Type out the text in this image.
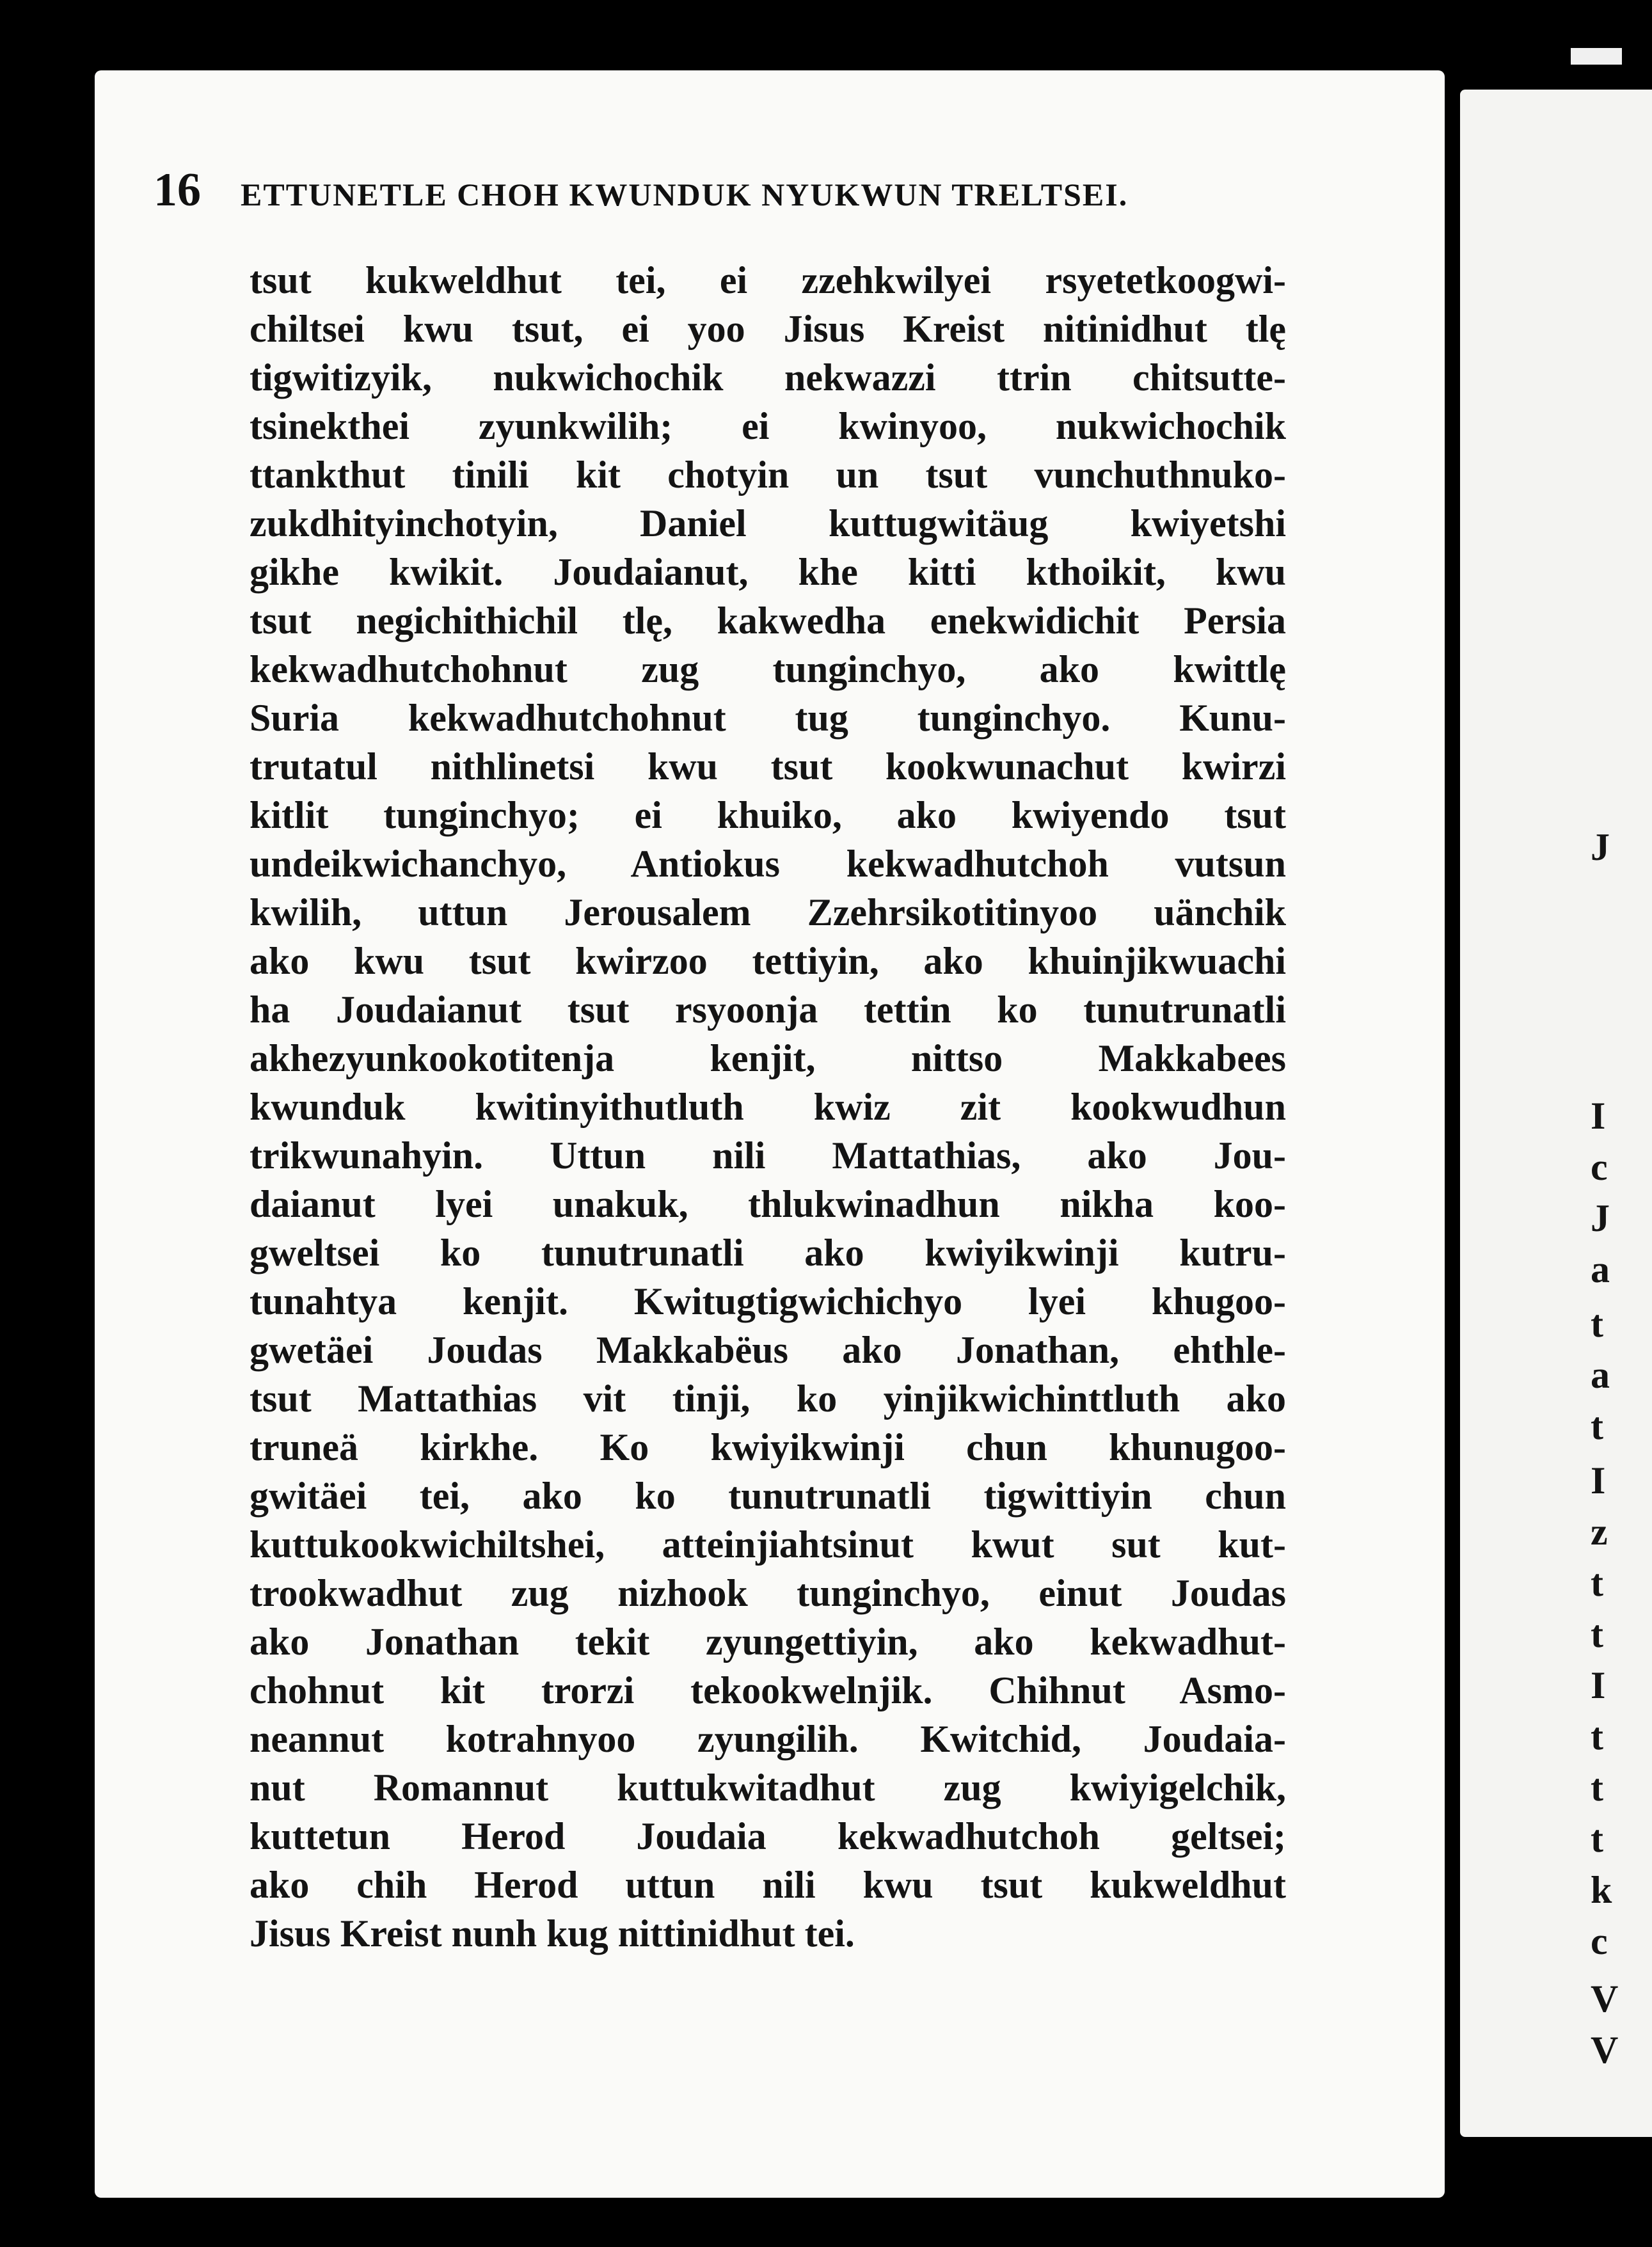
16 ETTUNETLE CHOH KWUNDUK NYUKWUN TRELTSEI.
tsut kukweldhut tei, ei zzehkwilyei rsyetetkoogwi-
chiltsei kwu tsut, ei yoo Jisus Kreist nitinidhut tlę
tigwitizyik, nukwichochik nekwazzi ttrin chitsutte-
tsinekthei zyunkwilih; ei kwinyoo, nukwichochik
ttankthut tinili kit chotyin un tsut vunchuthnuko-
zukdhityinchotyin, Daniel kuttugwitäug kwiyetshi
gikhe kwikit. Joudaianut, khe kitti kthoikit, kwu
tsut negichithichil tlę, kakwedha enekwidichit Persia
kekwadhutchohnut zug tunginchyo, ako kwittlę
Suria kekwadhutchohnut tug tunginchyo. Kunu-
trutatul nithlinetsi kwu tsut kookwunachut kwirzi
kitlit tunginchyo; ei khuiko, ako kwiyendo tsut
undeikwichanchyo, Antiokus kekwadhutchoh vutsun
kwilih, uttun Jerousalem Zzehrsikotitinyoo uänchik
ako kwu tsut kwirzoo tettiyin, ako khuinjikwuachi
ha Joudaianut tsut rsyoonja tettin ko tunutrunatli
akhezyunkookotitenja kenjit, nittso Makkabees
kwunduk kwitinyithutluth kwiz zit kookwudhun
trikwunahyin. Uttun nili Mattathias, ako Jou-
daianut lyei unakuk, thlukwinadhun nikha koo-
gweltsei ko tunutrunatli ako kwiyikwinji kutru-
tunahtya kenjit. Kwitugtigwichichyo lyei khugoo-
gwetäei Joudas Makkabëus ako Jonathan, ehthle-
tsut Mattathias vit tinji, ko yinjikwichinttluth ako
truneä kirkhe. Ko kwiyikwinji chun khunugoo-
gwitäei tei, ako ko tunutrunatli tigwittiyin chun
kuttukookwichiltshei, atteinjiahtsinut kwut sut kut-
trookwadhut zug nizhook tunginchyo, einut Joudas
ako Jonathan tekit zyungettiyin, ako kekwadhut-
chohnut kit trorzi tekookwelnjik. Chihnut Asmo-
neannut kotrahnyoo zyungilih. Kwitchid, Joudaia-
nut Romannut kuttukwitadhut zug kwiyigelchik,
kuttetun Herod Joudaia kekwadhutchoh geltsei;
ako chih Herod uttun nili kwu tsut kukweldhut
Jisus Kreist nunh kug nittinidhut tei.
J
I
c
J
a
t
a
t
I
z
t
t
I
t
t
t
k
c
V
V
